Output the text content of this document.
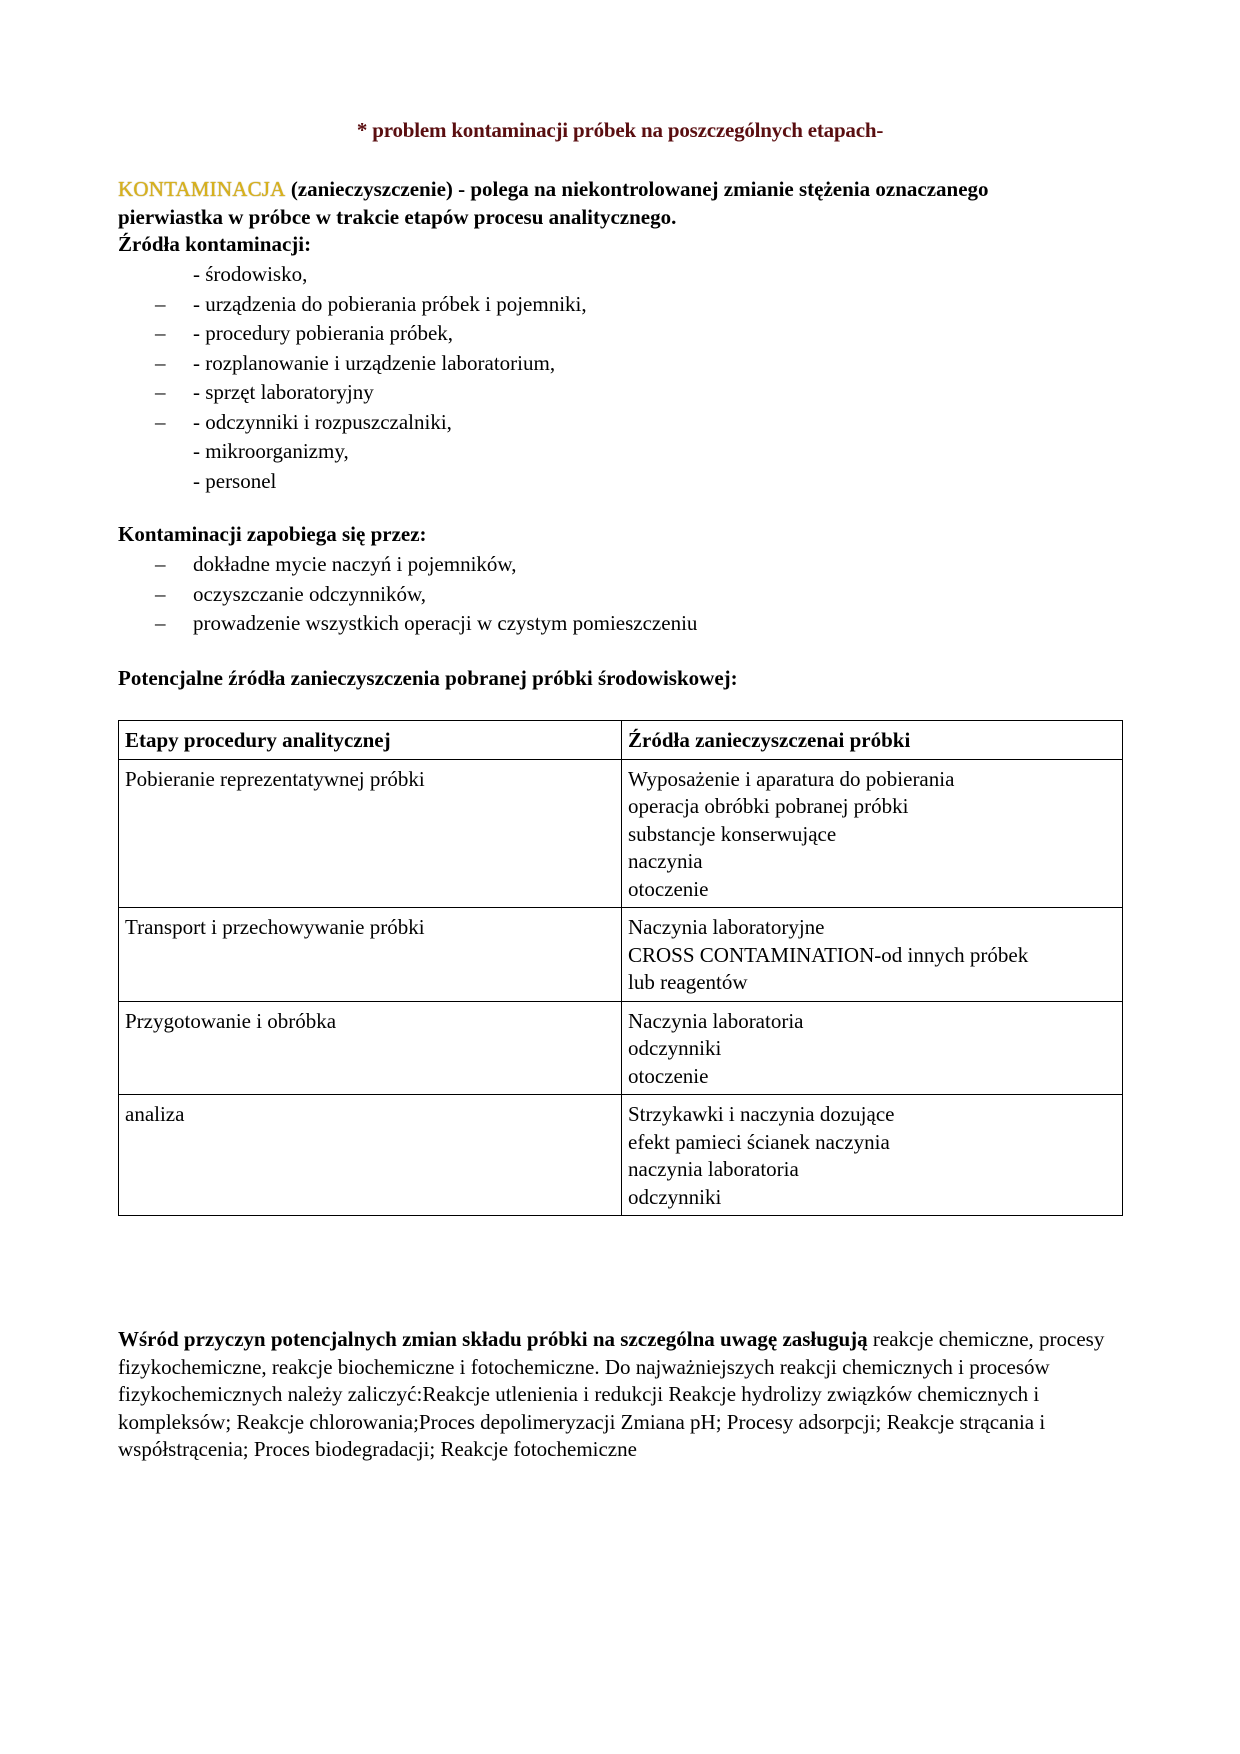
* problem kontaminacji próbek na poszczególnych etapach-
KONTAMINACJA (zanieczyszczenie) - polega na niekontrolowanej zmianie stężenia oznaczanego pierwiastka w próbce w trakcie etapów procesu analitycznego.
Źródła kontaminacji:
- środowisko,
–	- urządzenia do pobierania próbek i pojemniki,
–	- procedury pobierania próbek,
–	- rozplanowanie i urządzenie laboratorium,
–	- sprzęt laboratoryjny
–	- odczynniki i rozpuszczalniki,
- mikroorganizmy,
- personel
Kontaminacji zapobiega się przez:
–	dokładne mycie naczyń i pojemników,
–	oczyszczanie odczynników,
–	prowadzenie wszystkich operacji w czystym pomieszczeniu
Potencjalne źródła zanieczyszczenia pobranej próbki środowiskowej:
Etapy procedury analitycznej	Źródła zanieczyszczenai próbki
Pobieranie reprezentatywnej próbki	Wyposażenie i aparatura do pobierania
operacja obróbki pobranej próbki
substancje konserwujące
naczynia
otoczenie

Transport i przechowywanie próbki	Naczynia laboratoryjne
CROSS CONTAMINATION-od innych próbek
lub reagentów

Przygotowanie i obróbka	Naczynia laboratoria
odczynniki
otoczenie

analiza	Strzykawki i naczynia dozujące
efekt pamieci ścianek naczynia
naczynia laboratoria
odczynniki
Wśród przyczyn potencjalnych zmian składu próbki na szczególna uwagę zasługują reakcje chemiczne, procesy fizykochemiczne, reakcje biochemiczne i fotochemiczne. Do najważniejszych reakcji chemicznych i procesów fizykochemicznych należy zaliczyć:Reakcje utlenienia i redukcji Reakcje hydrolizy związków chemicznych i kompleksów; Reakcje chlorowania;Proces depolimeryzacji Zmiana pH; Procesy adsorpcji; Reakcje strącania i współstrącenia; Proces biodegradacji; Reakcje fotochemiczne
